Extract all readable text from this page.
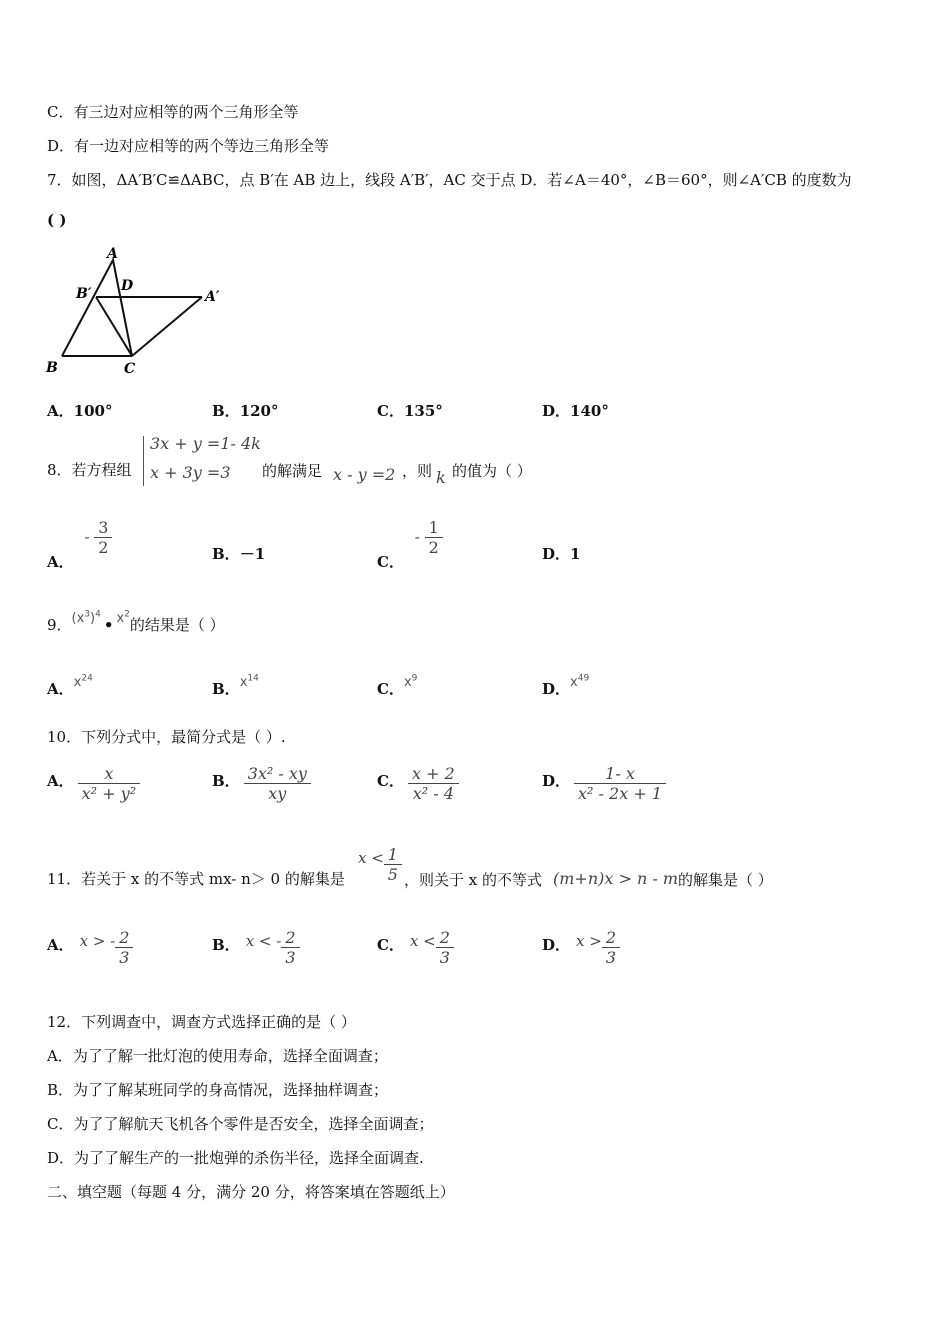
C．有三边对应相等的两个三角形全等
D．有一边对应相等的两个等边三角形全等
7．如图，ΔA′B′C≌ΔABC，点 B′在 AB 边上，线段 A′B′，AC 交于点 D．若∠A＝40°，∠B＝60°，则∠A′CB 的度数为
( )
A
B′ D
A′
B	C
A．100°	B．120°	C．135°	D．140°
8．若方程组
3x + y =1- 4k
x + 3y =3 的解满足 x - y =2 ，则 k 的值为（ ）
A． - $\frac{3}{2}$	B．－1	C． - $\frac{1}{2}$	D．1
9．$(x^3)^4•$ $x^2$的结果是（ ）
A．$x^{24}$
B．$x^{14}$
C．$x^9$
D．$x^{49}$
10．下列分式中，最简分式是（ ）.
A． $\frac{x}{\text{x² + y²}}$	B． $\frac{\text{3x² - xy}}{xy}$	C． $\frac{x + 2}{\text{x² - 4}}$	D． $\frac{1- x}{\text{x² - 2x + 1}}$
11．若关于 x 的不等式 mx- n＞ 0 的解集是
$x < \frac{1}{5}$ ，则关于 x 的不等式 (m+n)x > n - m 的解集是（ ）
A． x > - $\frac{2}{3}$	B． x < - $\frac{2}{3}$	C． $x < \frac{2}{3}$	D． $x > \frac{2}{3}$
12．下列调查中，调查方式选择正确的是（ ）
A．为了了解一批灯泡的使用寿命，选择全面调查；
B．为了了解某班同学的身高情况，选择抽样调查；
C．为了了解航天飞机各个零件是否安全，选择全面调查；
D．为了了解生产的一批炮弹的杀伤半径，选择全面调查.
二、填空题（每题 4 分，满分 20 分，将答案填在答题纸上）
